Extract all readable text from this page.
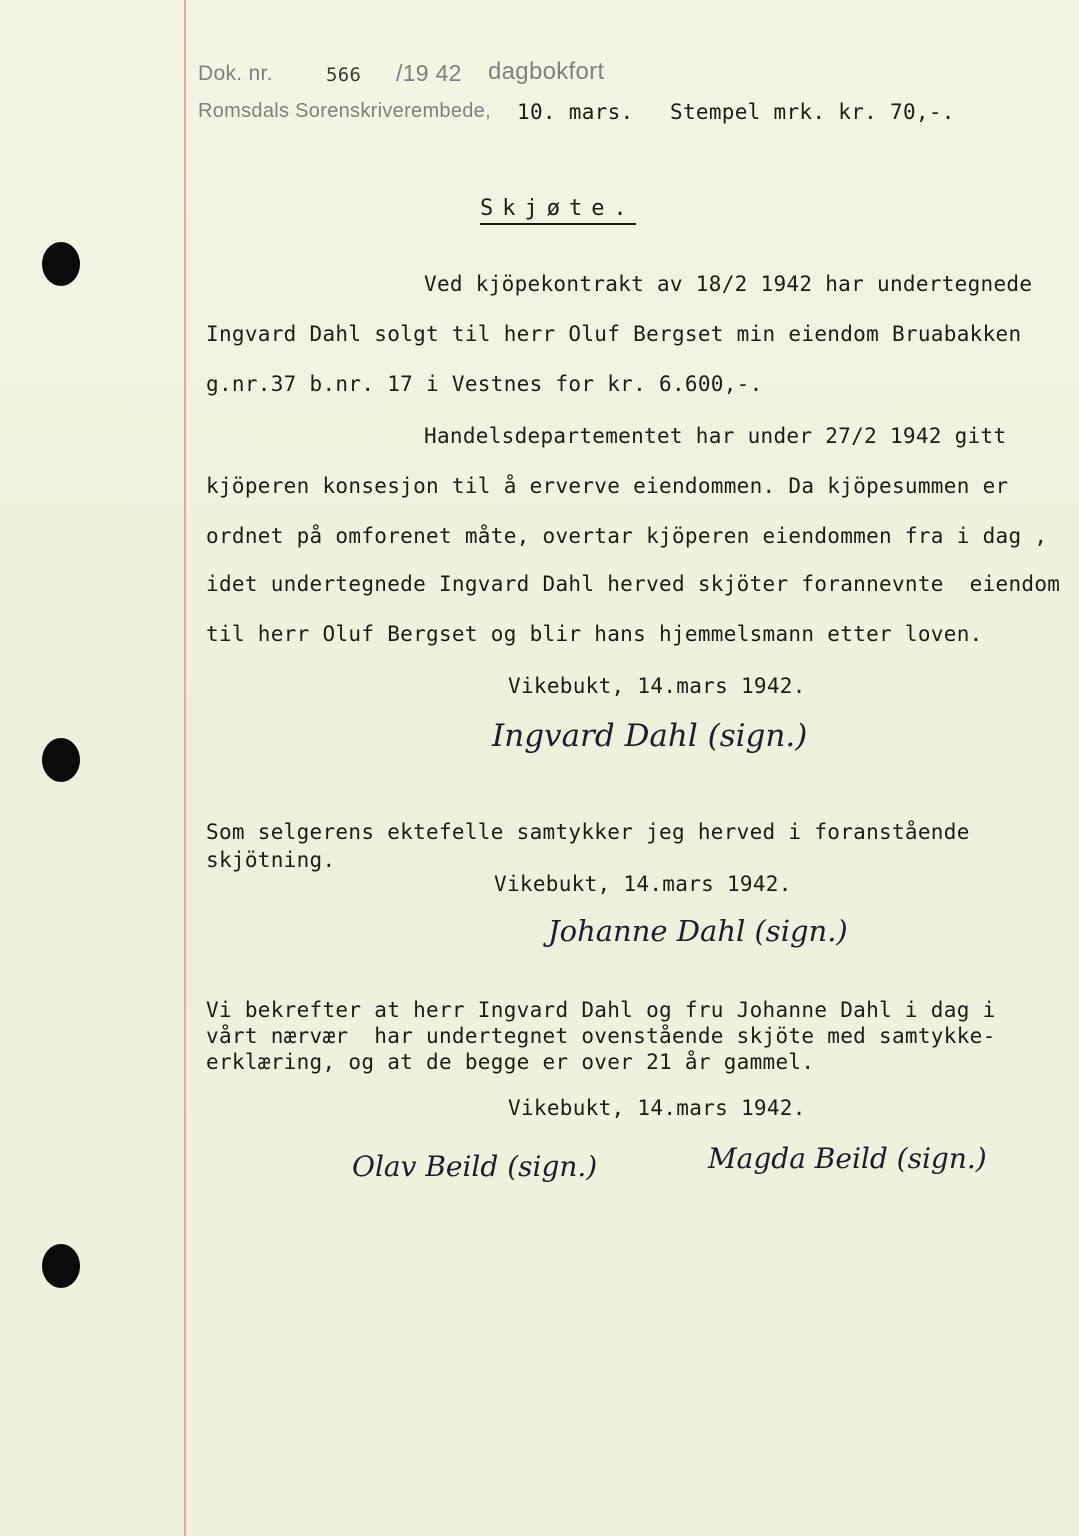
Dok. nr.	566 /19 42 dagbokfort
Romsdals Sorenskriverembede, 10. mars. Stempel mrk. kr. 70,-.
Skjøte.
Ved kjöpekontrakt av 18/2 1942 har undertegnede
Ingvard Dahl solgt til herr Oluf Bergset min eiendom Bruabakken
g.nr.37 b.nr. 17 i Vestnes for kr. 6.600,-.
Handelsdepartementet har under 27/2 1942 gitt
kjöperen konsesjon til å erverve eiendommen. Da kjöpesummen er
ordnet på omforenet måte, overtar kjöperen eiendommen fra i dag ,
idet undertegnede Ingvard Dahl herved skjöter forannevnte  eiendom
til herr Oluf Bergset og blir hans hjemmelsmann etter loven.
Vikebukt, 14.mars 1942.
Ingvard Dahl (sign.)
Som selgerens ektefelle samtykker jeg herved i foranstående
skjötning.
Vikebukt, 14.mars 1942.
Johanne Dahl (sign.)
Vi bekrefter at herr Ingvard Dahl og fru Johanne Dahl i dag i
vårt nærvær  har undertegnet ovenstående skjöte med samtykke-
erklæring, og at de begge er over 21 år gammel.
Vikebukt, 14.mars 1942.
Olav Beild (sign.)	Magda Beild (sign.)
